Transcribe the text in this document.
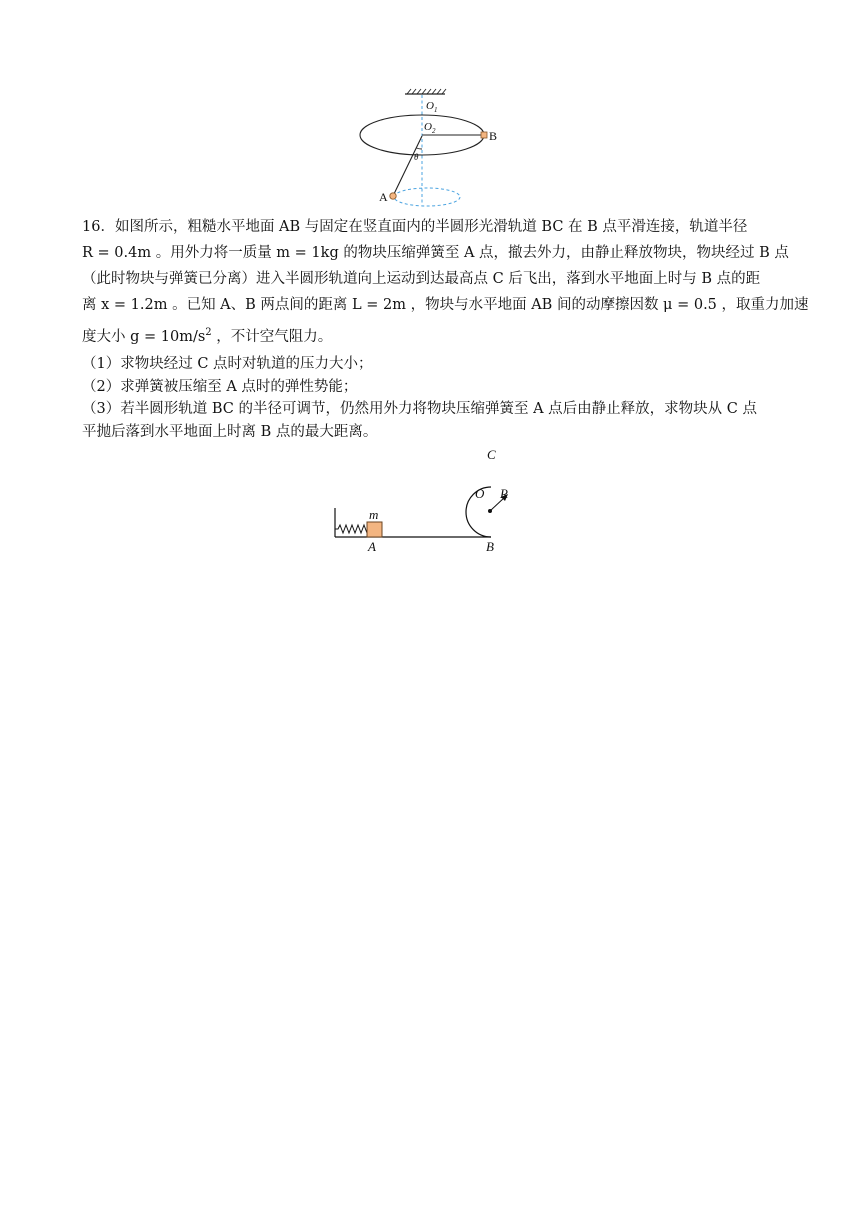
$O_1$
$O_2$	B
A
θ

16．如图所示，粗糙水平地面 AB 与固定在竖直面内的半圆形光滑轨道 BC 在 B 点平滑连接，轨道半径
R = 0.4m 。用外力将一质量 m = 1kg 的物块压缩弹簧至 A 点，撤去外力，由静止释放物块，物块经过 B 点
（此时物块与弹簧已分离）进入半圆形轨道向上运动到达最高点 C 后飞出，落到水平地面上时与 B 点的距
离 x = 1.2m 。已知 A、B 两点间的距离 L = 2m ，物块与水平地面 AB 间的动摩擦因数 μ = 0.5 ，取重力加速
度大小 $g = 10m/s^2$ ，不计空气阻力。

（1）求物块经过 C 点时对轨道的压力大小；
（2）求弹簧被压缩至 A 点时的弹性势能；
（3）若半圆形轨道 BC 的半径可调节，仍然用外力将物块压缩弹簧至 A 点后由静止释放，求物块从 C 点
平抛后落到水平地面上时离 B 点的最大距离。
C
O R
m
A	B
